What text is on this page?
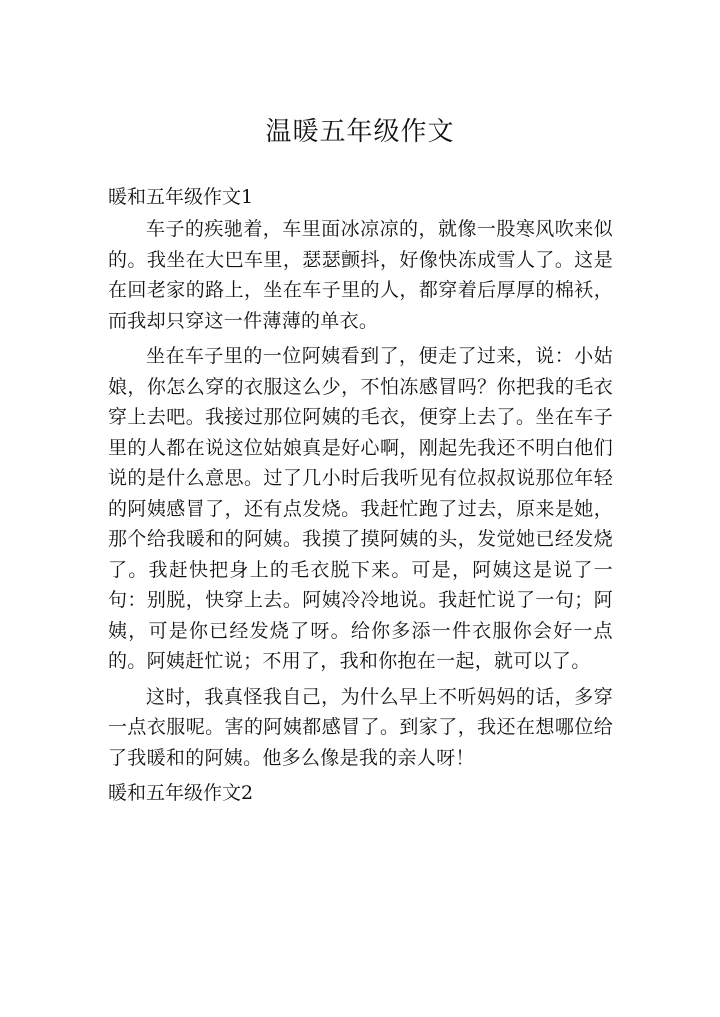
温暖五年级作文
暖和五年级作文1

车子的疾驰着，车里面冰凉凉的，就像一股寒风吹来似的。我坐在大巴车里，瑟瑟颤抖，好像快冻成雪人了。这是在回老家的路上，坐在车子里的人，都穿着后厚厚的棉袄，而我却只穿这一件薄薄的单衣。

坐在车子里的一位阿姨看到了，便走了过来，说：小姑娘，你怎么穿的衣服这么少，不怕冻感冒吗？你把我的毛衣穿上去吧。我接过那位阿姨的毛衣，便穿上去了。坐在车子里的人都在说这位姑娘真是好心啊，刚起先我还不明白他们说的是什么意思。过了几小时后我听见有位叔叔说那位年轻的阿姨感冒了，还有点发烧。我赶忙跑了过去，原来是她，那个给我暖和的阿姨。我摸了摸阿姨的头，发觉她已经发烧了。我赶快把身上的毛衣脱下来。可是，阿姨这是说了一句：别脱，快穿上去。阿姨冷冷地说。我赶忙说了一句；阿姨，可是你已经发烧了呀。给你多添一件衣服你会好一点的。阿姨赶忙说；不用了，我和你抱在一起，就可以了。

这时，我真怪我自己，为什么早上不听妈妈的话，多穿一点衣服呢。害的阿姨都感冒了。到家了，我还在想哪位给了我暖和的阿姨。他多么像是我的亲人呀！

暖和五年级作文2
